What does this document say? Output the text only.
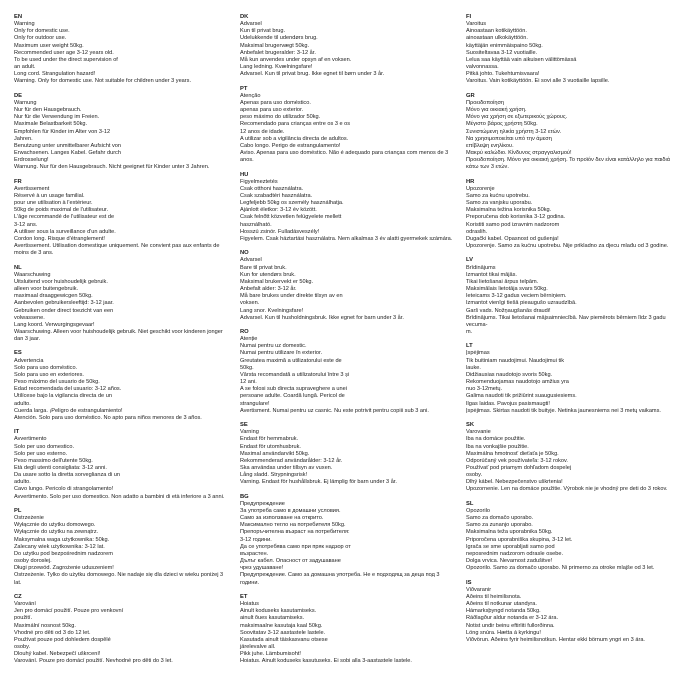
EN
Warning
Only for domestic use.
Only for outdoor use.
Maximum user weight 50kg.
Recommended user age 3-12 years old.
To be used under the direct supervision of
an adult.
Long cord. Strangulation hazard!
Warning. Only for domestic use. Not suitable for children under 3 years.
DE
Warnung
Nur für den Hausgebrauch.
Nur für die Verwendung im Freien.
Maximale Belastbarkeit 50kg.
Empfohlen für Kinder im Alter von 3-12
Jahren.
Benutzung unter unmittelbarer Aufsicht von
Erwachsenen. Langes Kabel. Gefahr durch
Erdrosselung!
Warnung. Nur für den Hausgebrauch. Nicht geeignet für Kinder unter 3 Jahren.
FR
Avertissement
Réservé à un usage familial.
pour une utilisation à l'extérieur.
50kg de poids maximal de l'utilisateur.
L'âge recommandé de l'utilisateur est de
3-12 ans.
A utiliser sous la surveillance d'un adulte.
Cordon long. Risque d'étranglement!
Avertissement. Utilisation domestique uniquement. Ne convient pas aux enfants de
moins de 3 ans.
NL
Waarschuwing
Uitsluitend voor huishoudelijk gebruik.
alleen voor buitengebruik.
maximaal draaggewicgen 50kg.
Aanbevolen gebruikersleeftijd: 3-12 jaar.
Gebruiken onder direct toezicht van een
volwassene.
Lang koord. Verwurgingsgevaar!
Waarschuwing. Alleen voor huishoudelijk gebruik. Niet geschikt voor kinderen jonger
dan 3 jaar.
ES
Advertencia
Solo para uso doméstico.
Solo para uso en exteriores.
Peso máximo del usuario de 50kg.
Edad recomendada del usuario: 3-12 años.
Utilícese bajo la vigilancia directa de un
adulto.
Cuerda larga. ¡Peligro de estrangulamiento!
Atención. Solo para uso doméstico. No apto para niños menores de 3 años.
IT
Avvertimento
Solo per uso domestico.
Solo per uso esterno.
Peso massimo dell'utente 50kg.
Età degli utenti consigliata: 3-12 anni.
Da usare sotto la diretta sorveglianza di un
adulto.
Cavo lungo. Pericolo di strangolamento!
Avvertimento. Solo per uso domestico. Non adatto a bambini di età inferiore a 3 anni.
PL
Ostrzeżenie
Wyłącznie do użytku domowego.
Wyłącznie do użytku na zewnątrz.
Maksymalna waga użytkownika: 50kg.
Zalecany wiek użytkownika: 3-12 lat.
Do użytku pod bezpośrednim nadzorem
osoby dorosłej.
Długi przewód. Zagrożenie uduszeniem!
Ostrzeżenie. Tylko do użytku domowego. Nie nadaje się dla dzieci w wieku poniżej 3 lat.
CZ
Varování
Jen pro domácí použití. Pouze pro venkovní
použití.
Maximální nosnost 50kg.
Vhodné pro děti od 3 do 12 let.
Používat pouze pod dohledem dospělé
osoby.
Dlouhý kabel. Nebezpečí uškrcení!
Varování. Pouze pro domácí použití. Nevhodné pro děti do 3 let.
DK
Advarsel
Kun til privat brug.
Udelukkende til udendørs brug.
Maksimal brugervægt 50kg.
Anbefalet brugeralder: 3-12 år.
Må kun anvendes under opsyn af en voksen.
Lang ledning. Kvælningsfare!
Advarsel. Kun til privat brug. Ikke egnet til børn under 3 år.
PT
Atenção
Apenas para uso doméstico.
apenas para uso exterior.
peso máximo do utilizador 50kg.
Recomendado para crianças entre os 3 e os
12 anos de idade.
A utilizar sob a vigilância directa de adultos.
Cabo longo. Perigo de estrangulamento!
Aviso. Apenas para uso doméstico. Não é adequado para crianças com menos de 3 anos.
HU
Figyelmeztetés
Csak otthoni használatra.
Csak szabadtéri használatra.
Legfeljebb 50kg os személy használhatja.
Ajánlott életkor: 3-12 év között.
Csak felnőtt közvetlen felügyelete mellett
használható.
Hosszú zsinór. Fulladásveszély!
Figyelem. Csak háztartási használatra. Nem alkalmas 3 év alatti gyermekek számára.
NO
Advarsel
Bare til privat bruk.
Kun for utendørs bruk.
Maksimal brukervekt er 50kg.
Anbefalt alder: 3-12 år.
Må bare brukes under direkte tilsyn av en
voksen.
Lang snor. Kvelningsfare!
Advarsel. Kun til husholdningsbruk. Ikke egnet for barn under 3 år.
RO
Atenție
Numai pentru uz domestic.
Numai pentru utilizare în exterior.
Greutatea maximă a utilizatorului este de
50kg.
Vârsta recomandată a utilizatorului între 3 și
12 ani.
A se folosi sub directa supraveghere a unei
persoane adulte. Coardă lungă. Pericol de
strangulare!
Avertisment. Numai pentru uz casnic. Nu este potrivit pentru copiii sub 3 ani.
SE
Varning
Endast för hemmabruk.
Endast för utomhusbruk.
Maximal användarvikt 50kg.
Rekommenderad användarålder: 3-12 år.
Ska användas under tillsyn av vuxen.
Lång sladd. Strypningsrisk!
Varning. Endast för hushållsbruk. Ej lämplig för barn under 3 år.
BG
Предупреждение
За употреба само в домашни условия.
Само за използване на открито.
Максимално тегло на потребителя 50kg.
Препоръчителна възраст на потребителя:
3-12 години.
Да се употребява само при пряк надзор от
възрастен.
Дълъг кабел. Опасност от задушаване
чрез удушаване!
Предупреждение. Само за домашна употреба. Не е подходящ за деца под 3
години.
ET
Hoiatus
Ainult koduseks kasutamiseks.
ainult õues kasutamiseks.
maksimaalne kasutaja kaal 50kg.
Soovitatav 3-12 aastastele lastele.
Kasutada ainult täiskasvanu otsese
järelevalve all.
Pikk juhe. Lämbumisoht!
Hoiatus. Ainult koduseks kasutuseks. Ei sobi alla 3-aastastele lastele.
FI
Varoitus
Ainoastaan kotikäyttöön.
ainoastaan ulkokäyttöön.
käyttäjän enimmäispaino 50kg.
Suositeltavaa 3-12 vuotiaille.
Lelua saa käyttää vain aikuisen välittömässä
valvonnassa.
Pitkä johto. Tukehtumisvaara!
Varoitus. Vain kotikäyttöön. Ei sovi alle 3 vuotiaille lapsille.
GR
Προειδοποίηση
Μόνο για οικιακή χρήση.
Μόνο για χρήση σε εξωτερικούς χώρους.
Μέγιστο βάρος χρήστη 50kg.
Συνιστώμενη ηλικία χρήστη 3-12 ετών.
Να χρησιμοποιείται υπό την άμεση
επίβλεψη ενηλίκου.
Μακρύ καλώδιο. Κίνδυνος στραγγαλισμού!
Προειδοποίηση. Μόνο για οικιακή χρήση. Το προϊόν δεν είναι κατάλληλο για παιδιά
κάτω των 3 ετών.
HR
Upozorenje
Samo za kućnu upotrebu.
Samo za vanjsku uporabu.
Maksimalna težina korisnika 50kg.
Preporučena dob korisnika 3-12 godina.
Koristiti samo pod izravnim nadzorom
odraslih.
Dugački kabel. Opasnost od gušenja!
Upozorenje. Samo za kućnu upotrebu. Nije prikladno za djecu mlađu od 3 godine.
LV
Brīdinājums
Izmantot tikai mājās.
Tikai lietošanai ārpus telpām.
Maksimālais lietotāja svars 50kg.
Ieteicams 3-12 gadus veciem bērniņiem.
Izmantot vienīgi tiešā pieaugušo uzraudzībā.
Garš vads. Nožņaugšanās draudi!
Brīdinājums. Tikai lietošanai mājsaimniecībā. Nav piemērots bērniem līdz 3 gadu vecuma-
m.
LT
Įspėjimas
Tik buitiniam naudojimui. Naudojimui tik
lauke.
Didžiausias naudotojo svoris 50kg.
Rekomenduojamas naudotojo amžius yra
nuo 3-12metų.
Galima naudoti tik prižiūrint suaugusiesiems.
Ilgas laidas. Pavojus pasismaugti!
Įspėjimas. Skirtas naudoti tik buityje. Netinka jaunesniems nei 3 metų vaikams.
SK
Varovanie
Iba na domáce použitie.
Iba na vonkajšie použitie.
Maximálna hmotnosť dieťaťa je 50kg.
Odporúčaný vek používateľa: 3-12 rokov.
Používať pod priamym dohľadom dospelej
osoby.
Dlhý kábel. Nebezpečenstvo uškrtenia!
Upozornenie. Len na domáce použitie. Výrobok nie je vhodný pre deti do 3 rokov.
SL
Opozorilo
Samo za domačo uporabo.
Samo za zunanjo uporabo.
Maksimalna teža uporabnika 50kg.
Priporočena uporabniška skupina, 3-12 let.
Igrača se sme uporabljati samo pod
neposrednim nadzorom odrasle osebe.
Dolga vrvica. Nevarnost zadušitve!
Opozorilo. Samo za domačo uporabo. Ni primerno za otroke mlajše od 3 let.
IS
Viðvaranir
Aðeins til heimilisnota.
Aðeins til notkunar utandyra.
Hámarksþyngd notanda 50kg.
Ráðlagður aldur notanda er 3-12 ára.
Notist undir beinu eftirliti fullorðinna.
Löng snúra. Hætta á kyrkingu!
Viðvörun. Aðeins fyrir heimilisnotkun. Hentar ekki börnum yngri en 3 ára.
